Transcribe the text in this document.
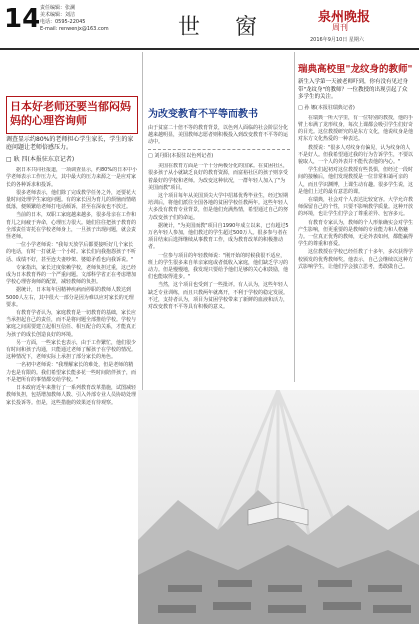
14 责任编辑：张澜
美术编辑：刘洁
电话：0595-22045
E-mail: renwenjx@163.com	世 窗	泉州晚报
周刊
2016年9月10日 星期六
日本好老师还要当郁闷妈妈的心理咨询师
调查显示约80%的老师担心学生家长，学生的家庭问题让老师倍感压力。
□ 耿 四(本报驻东京记者)

据日本共同社报道，一项调查显示，约80%的日本中小学老师表示工作压力大，其中最大的压力来源之一是应对家长的各种诉求和投诉。

很多老师表示，他们除了完成教学任务之外，还要花大量时间处理学生家庭问题。有的家长因为育儿的烦恼而情绪低落，便频繁给老师打电话倾诉，甚至在深夜也不放过。

当前的日本，双职工家庭越来越多，很多母亲在工作和育儿之间疲于奔命，心理压力很大。她们往往把孩子教育的全部责任寄托在学校老师身上，一旦孩子出现问题，就会责怪老师。

一位小学老师说："我每天放学后都要接听好几个家长的电话，有时一打就是一个小时。家长们向我抱怨孩子不听话、成绩不好，甚至连夫妻吵架、婆媳矛盾也向我诉说。"

专家指出，家长过度依赖学校，老师负担过重，这已经成为日本教育界的一个严重问题。文部科学省正在考虑增加学校心理咨询师的配置，减轻教师的负担。

据统计，日本每年因精神疾病而停职的教师人数达到5000人左右，其中很大一部分是因为难以应对家长的无理要求。

有教育学者认为，家庭教育是一切教育的基础，家长应当承担起自己的责任，而不是将问题全部推给学校。学校与家庭之间需要建立起相互信任、相互配合的关系，才能真正为孩子的成长创造良好的环境。

另一方面，一些家长也表示，由于工作繁忙，他们很少有时间和孩子沟通，只能通过老师了解孩子在学校的情况。这种情况下，老师实际上承担了部分家长的角色。

一名初中老师说："我理解家长的难处，但是老师的精力也是有限的。我们希望家长能多花一些时间陪伴孩子，而不是把所有的事情都交给学校。"

日本政府近年来推行了一系列教育改革措施，试图减轻教师负担，包括增加教师人数、引入外部专业人员协助处理家长投诉等。但是，这些措施的效果还有待观察。

为改变教育不平等而教书
由于贫富二十倍不等的教育背景，以色列人面临的社会阶层分化越来越明显，美国教师志愿者则积极投入到改变教育不平等的运动中。
□ 刘丹阳(本报驻以色列记者)

美国在教育方面是一个十分两极分化的国家。在贫困社区，很多孩子从小就缺乏良好的教育资源，而富裕社区的孩子则享受着最好的学校和老师。为改变这种状况，一群年轻人加入了"为美国而教"项目。

这个项目每年从美国顶尖大学中招募优秀毕业生，经过短期培训后，将他们派往全国各地的贫困学校任教两年。这些年轻人大多没有教育专业背景，但是他们充满热情，希望通过自己的努力改变孩子们的命运。

据统计，"为美国而教"项目自1990年成立以来，已有超过5万名年轻人参加，他们教过的学生超过500万人。很多参与者在项目结束后选择继续从事教育工作，成为教育改革的积极推动者。

一位参与项目的年轻教师说："刚开始的时候我很不适应，班上的学生很多来自单亲家庭或者低收入家庭，他们缺乏学习的动力。但是慢慢地，我发现只要给予他们足够的关心和鼓励，他们也能取得进步。"

当然，这个项目也受到了一些批评。有人认为，这些年轻人缺乏专业训练，而且只教两年就离开，不利于学校的稳定发展。不过，支持者认为，项目为贫困学校带来了新鲜的血液和活力，对改变教育不平等具有积极的意义。

瑞典高校里"龙纹身的教师"
新生入学第一天被老师吓到，你有没有见过身带"龙纹身"的教师？一位教授的出现引起了众多学生的关注。
□ 孙 娜(本报驻瑞典记者)

在瑞典一所大学里，有一位特别的教授，他的手臂上布满了龙形纹身，每次上课都会吸引学生们好奇的目光。这位教授研究的是东方文化，他说纹身是他对东方文化热爱的一种表达。

教授说："很多人对纹身有偏见，认为纹身的人不是好人。但我希望通过我的行为告诉学生，不要以貌取人，一个人的外表并不能代表他的内心。"

学生们起初对这位教授有些畏惧，但经过一段时间的接触后，他们发现教授是一位非常和蔼可亲的人，而且学识渊博，上课生动有趣。很多学生说，这是他们上过的最有意思的课。

在瑞典，社会对个人表达比较宽容。大学允许教师保留自己的个性，只要不影响教学质量。这种开放的环境，也让学生们学会了尊重差异、包容多元。

有教育专家认为，教师的个人形象确实会对学生产生影响，但更重要的是教师的专业能力和人格魅力。一位真正优秀的教师，无论外表如何，都能赢得学生的尊重和喜爱。

这位教授在学校已经任教了十多年，多次获得学校颁发的优秀教师奖。他表示，自己会继续以这种方式影响学生，让他们学会独立思考，勇敢做自己。
